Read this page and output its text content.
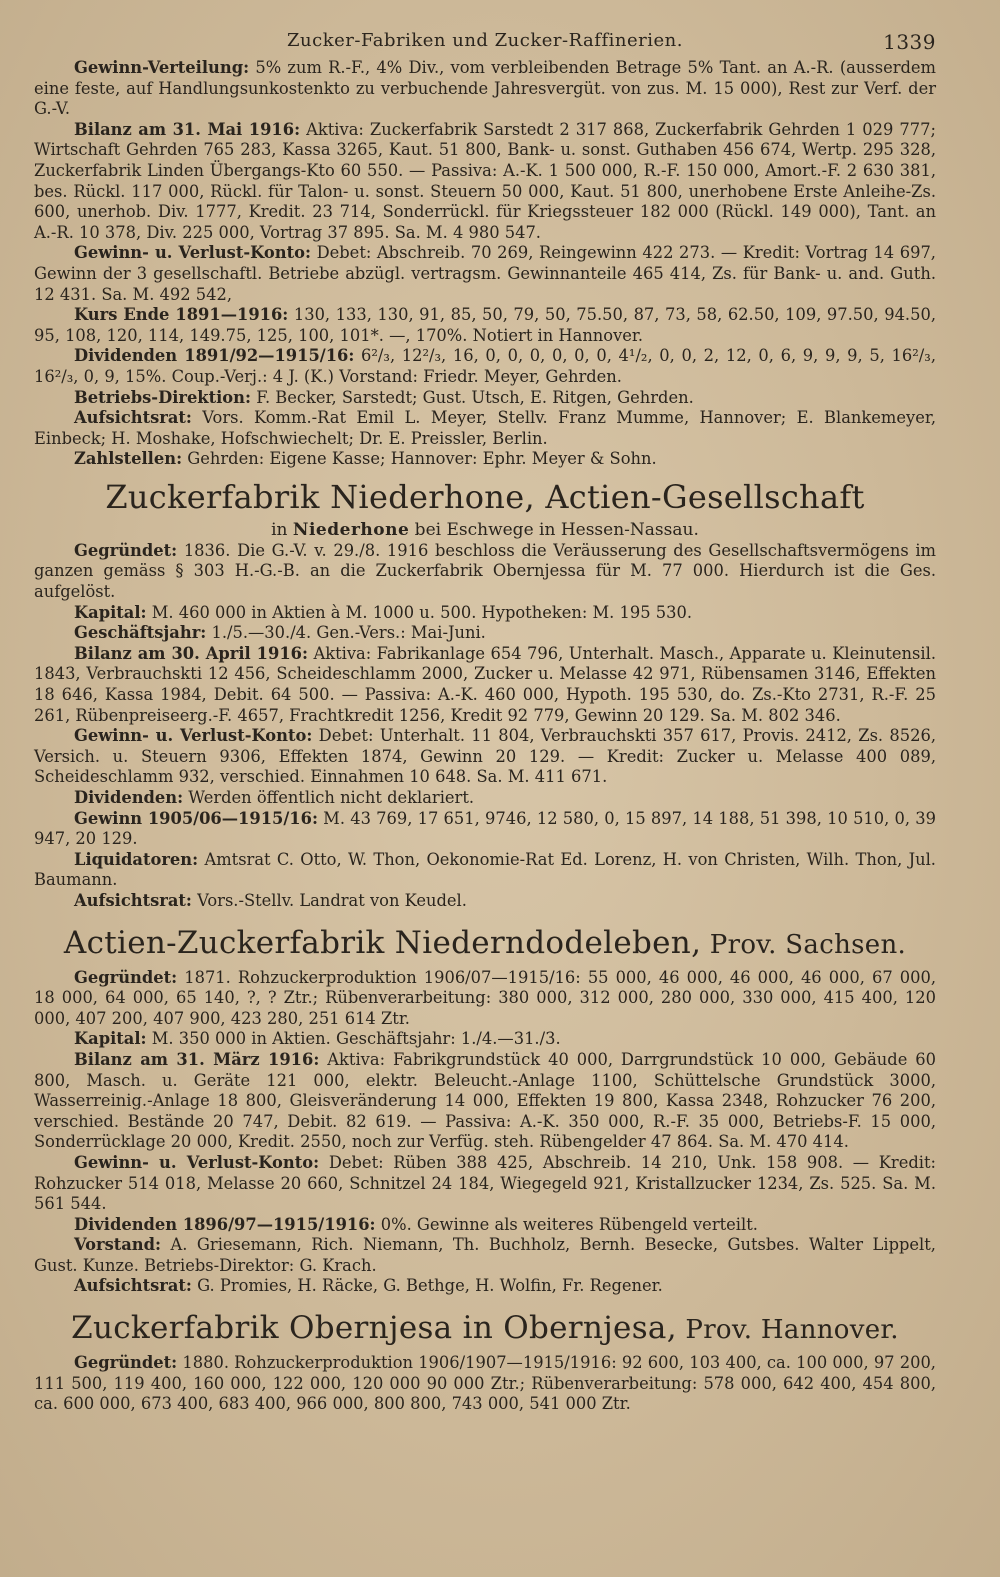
Zucker-Fabriken und Zucker-Raffinerien.	1339

Gewinn-Verteilung: 5% zum R.-F., 4% Div., vom verbleibenden Betrage 5% Tant. an A.-R. (ausserdem eine feste, auf Handlungsunkostenkto zu verbuchende Jahresvergüt. von zus. M. 15 000), Rest zur Verf. der G.-V.

Bilanz am 31. Mai 1916: Aktiva: Zuckerfabrik Sarstedt 2 317 868, Zuckerfabrik Gehrden 1 029 777; Wirtschaft Gehrden 765 283, Kassa 3265, Kaut. 51 800, Bank- u. sonst. Guthaben 456 674, Wertp. 295 328, Zuckerfabrik Linden Übergangs-Kto 60 550. — Passiva: A.-K. 1 500 000, R.-F. 150 000, Amort.-F. 2 630 381, bes. Rückl. 117 000, Rückl. für Talon- u. sonst. Steuern 50 000, Kaut. 51 800, unerhobene Erste Anleihe-Zs. 600, unerhob. Div. 1777, Kredit. 23 714, Sonderrückl. für Kriegssteuer 182 000 (Rückl. 149 000), Tant. an A.-R. 10 378, Div. 225 000, Vortrag 37 895. Sa. M. 4 980 547.

Gewinn- u. Verlust-Konto: Debet: Abschreib. 70 269, Reingewinn 422 273. — Kredit: Vortrag 14 697, Gewinn der 3 gesellschaftl. Betriebe abzügl. vertragsm. Gewinnanteile 465 414, Zs. für Bank- u. and. Guth. 12 431. Sa. M. 492 542,

Kurs Ende 1891—1916: 130, 133, 130, 91, 85, 50, 79, 50, 75.50, 87, 73, 58, 62.50, 109, 97.50, 94.50, 95, 108, 120, 114, 149.75, 125, 100, 101*. —, 170%. Notiert in Hannover.

Dividenden 1891/92—1915/16: 6²/₃, 12²/₃, 16, 0, 0, 0, 0, 0, 0, 4¹/₂, 0, 0, 2, 12, 0, 6, 9, 9, 9, 5, 16²/₃, 16²/₃, 0, 9, 15%. Coup.-Verj.: 4 J. (K.) Vorstand: Friedr. Meyer, Gehrden.

Betriebs-Direktion: F. Becker, Sarstedt; Gust. Utsch, E. Ritgen, Gehrden.

Aufsichtsrat: Vors. Komm.-Rat Emil L. Meyer, Stellv. Franz Mumme, Hannover; E. Blankemeyer, Einbeck; H. Moshake, Hofschwiechelt; Dr. E. Preissler, Berlin.

Zahlstellen: Gehrden: Eigene Kasse; Hannover: Ephr. Meyer & Sohn.

Zuckerfabrik Niederhone, Actien-Gesellschaft
in Niederhone bei Eschwege in Hessen-Nassau.

Gegründet: 1836. Die G.-V. v. 29./8. 1916 beschloss die Veräusserung des Gesellschaftsvermögens im ganzen gemäss § 303 H.-G.-B. an die Zuckerfabrik Obernjessa für M. 77 000. Hierdurch ist die Ges. aufgelöst.

Kapital: M. 460 000 in Aktien à M. 1000 u. 500. Hypotheken: M. 195 530.

Geschäftsjahr: 1./5.—30./4. Gen.-Vers.: Mai-Juni.

Bilanz am 30. April 1916: Aktiva: Fabrikanlage 654 796, Unterhalt. Masch., Apparate u. Kleinutensil. 1843, Verbrauchskti 12 456, Scheideschlamm 2000, Zucker u. Melasse 42 971, Rübensamen 3146, Effekten 18 646, Kassa 1984, Debit. 64 500. — Passiva: A.-K. 460 000, Hypoth. 195 530, do. Zs.-Kto 2731, R.-F. 25 261, Rübenpreiseerg.-F. 4657, Frachtkredit 1256, Kredit 92 779, Gewinn 20 129. Sa. M. 802 346.

Gewinn- u. Verlust-Konto: Debet: Unterhalt. 11 804, Verbrauchskti 357 617, Provis. 2412, Zs. 8526, Versich. u. Steuern 9306, Effekten 1874, Gewinn 20 129. — Kredit: Zucker u. Melasse 400 089, Scheideschlamm 932, verschied. Einnahmen 10 648. Sa. M. 411 671.

Dividenden: Werden öffentlich nicht deklariert.

Gewinn 1905/06—1915/16: M. 43 769, 17 651, 9746, 12 580, 0, 15 897, 14 188, 51 398, 10 510, 0, 39 947, 20 129.

Liquidatoren: Amtsrat C. Otto, W. Thon, Oekonomie-Rat Ed. Lorenz, H. von Christen, Wilh. Thon, Jul. Baumann.

Aufsichtsrat: Vors.-Stellv. Landrat von Keudel.

Actien-Zuckerfabrik Niederndodeleben, Prov. Sachsen.

Gegründet: 1871. Rohzuckerproduktion 1906/07—1915/16: 55 000, 46 000, 46 000, 46 000, 67 000, 18 000, 64 000, 65 140, ?, ? Ztr.; Rübenverarbeitung: 380 000, 312 000, 280 000, 330 000, 415 400, 120 000, 407 200, 407 900, 423 280, 251 614 Ztr.

Kapital: M. 350 000 in Aktien. Geschäftsjahr: 1./4.—31./3.

Bilanz am 31. März 1916: Aktiva: Fabrikgrundstück 40 000, Darrgrundstück 10 000, Gebäude 60 800, Masch. u. Geräte 121 000, elektr. Beleucht.-Anlage 1100, Schüttelsche Grundstück 3000, Wasserreinig.-Anlage 18 800, Gleisveränderung 14 000, Effekten 19 800, Kassa 2348, Rohzucker 76 200, verschied. Bestände 20 747, Debit. 82 619. — Passiva: A.-K. 350 000, R.-F. 35 000, Betriebs-F. 15 000, Sonderrücklage 20 000, Kredit. 2550, noch zur Verfüg. steh. Rübengelder 47 864. Sa. M. 470 414.

Gewinn- u. Verlust-Konto: Debet: Rüben 388 425, Abschreib. 14 210, Unk. 158 908. — Kredit: Rohzucker 514 018, Melasse 20 660, Schnitzel 24 184, Wiegegeld 921, Kristallzucker 1234, Zs. 525. Sa. M. 561 544.

Dividenden 1896/97—1915/1916: 0%. Gewinne als weiteres Rübengeld verteilt.

Vorstand: A. Griesemann, Rich. Niemann, Th. Buchholz, Bernh. Besecke, Gutsbes. Walter Lippelt, Gust. Kunze. Betriebs-Direktor: G. Krach.

Aufsichtsrat: G. Promies, H. Räcke, G. Bethge, H. Wolfin, Fr. Regener.

Zuckerfabrik Obernjesa in Obernjesa, Prov. Hannover.

Gegründet: 1880. Rohzuckerproduktion 1906/1907—1915/1916: 92 600, 103 400, ca. 100 000, 97 200, 111 500, 119 400, 160 000, 122 000, 120 000 90 000 Ztr.; Rübenverarbeitung: 578 000, 642 400, 454 800, ca. 600 000, 673 400, 683 400, 966 000, 800 800, 743 000, 541 000 Ztr.
